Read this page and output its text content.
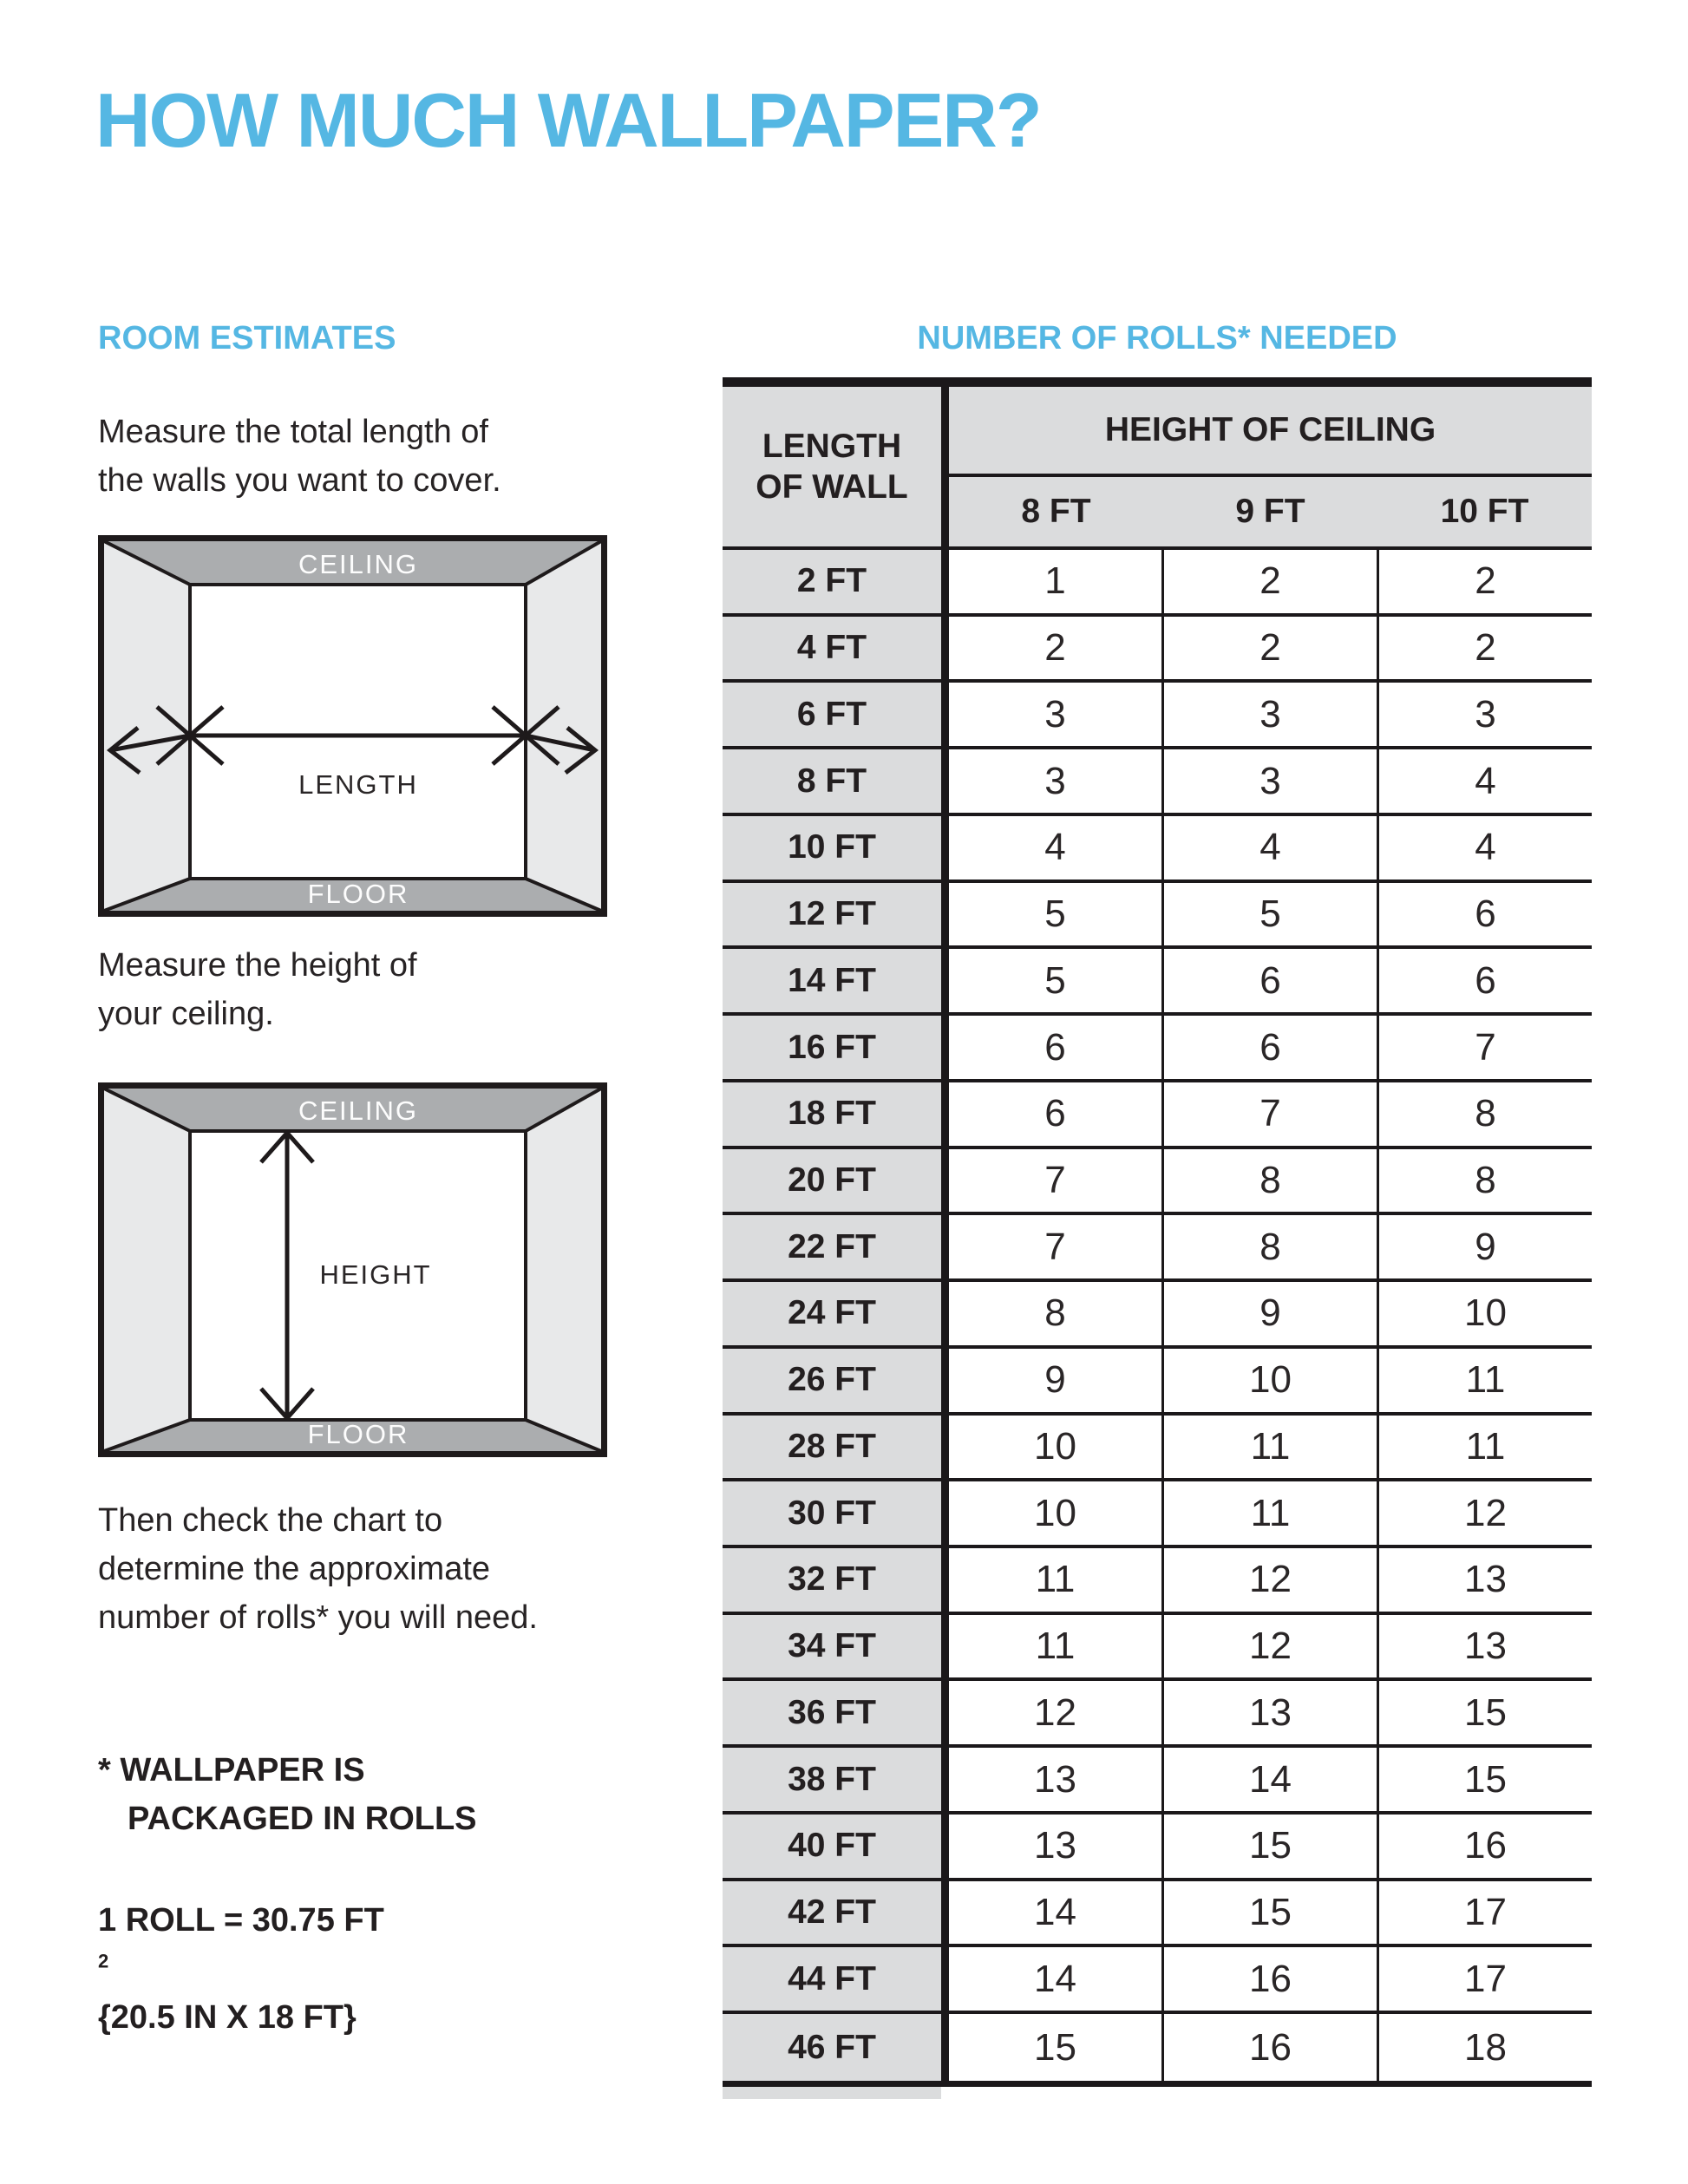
HOW MUCH WALLPAPER?
ROOM ESTIMATES	NUMBER OF ROLLS* NEEDED

Measure the total length of
the walls you want to cover.

CEILING
FLOOR
LENGTH

Measure the height of
your ceiling.

CEILING
FLOOR
HEIGHT

Then check the chart to
determine the approximate
number of rolls* you will need.

* WALLPAPER IS
PACKAGED IN ROLLS

1 ROLL = 30.75 FT
$^2$
{20.5 IN X 18 FT}

LENGTH
OF WALL
HEIGHT OF CEILING
8 FT	9 FT	10 FT
2 FT	1	2	2
4 FT	2	2	2
6 FT	3	3	3
8 FT	3	3	4
10 FT	4	4	4
12 FT	5	5	6
14 FT	5	6	6
16 FT	6	6	7
18 FT	6	7	8
20 FT	7	8	8
22 FT	7	8	9
24 FT	8	9	10
26 FT	9	10	11
28 FT	10	11	11
30 FT	10	11	12
32 FT	11	12	13
34 FT	11	12	13
36 FT	12	13	15
38 FT	13	14	15
40 FT	13	15	16
42 FT	14	15	17
44 FT	14	16	17
46 FT	15	16	18
